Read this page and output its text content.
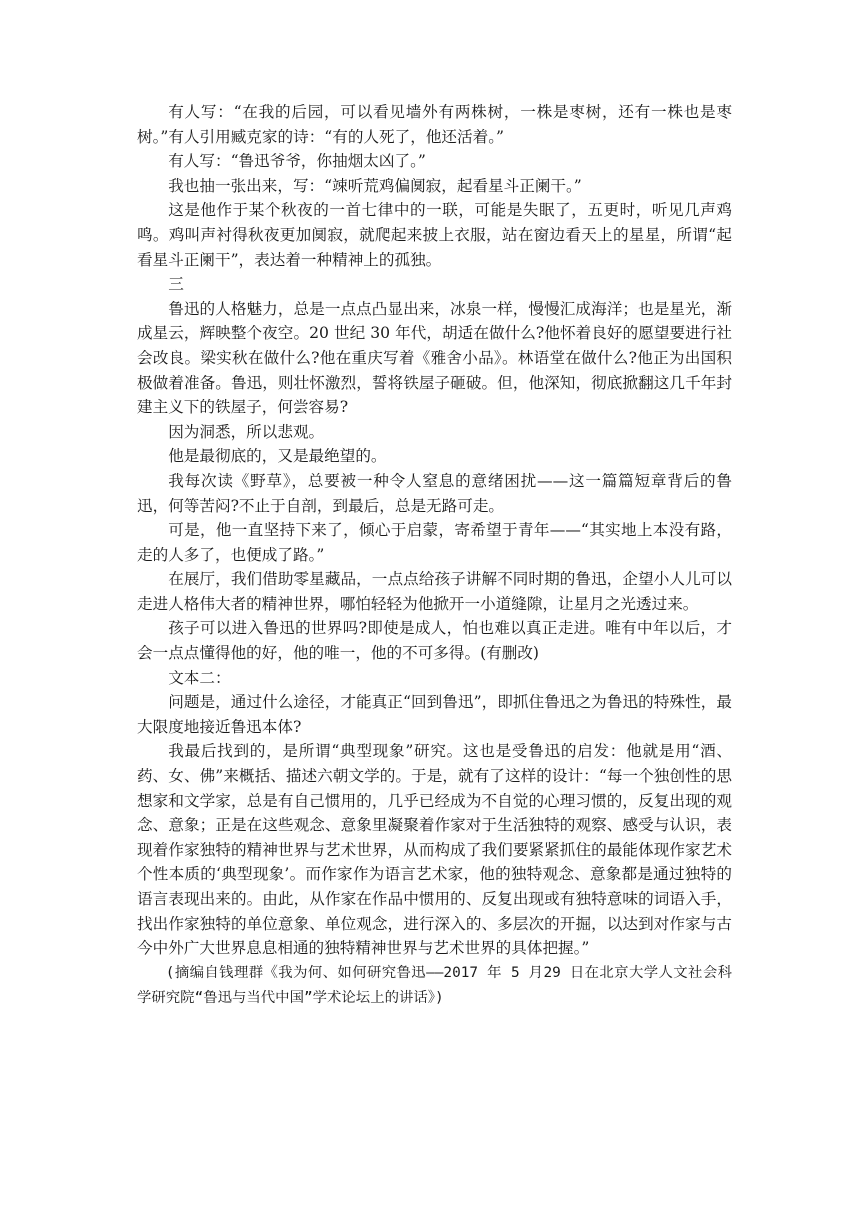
有人写：“在我的后园，可以看见墙外有两株树，一株是枣树，还有一株也是枣树。”有人引用臧克家的诗：“有的人死了，他还活着。”

有人写：“鲁迅爷爷，你抽烟太凶了。”

我也抽一张出来，写：“竦听荒鸡偏阒寂，起看星斗正阑干。”

这是他作于某个秋夜的一首七律中的一联，可能是失眠了，五更时，听见几声鸡鸣。鸡叫声衬得秋夜更加阒寂，就爬起来披上衣服，站在窗边看天上的星星，所谓“起看星斗正阑干”，表达着一种精神上的孤独。

三

鲁迅的人格魅力，总是一点点凸显出来，冰泉一样，慢慢汇成海洋；也是星光，渐成星云，辉映整个夜空。20 世纪 30 年代，胡适在做什么?他怀着良好的愿望要进行社会改良。梁实秋在做什么?他在重庆写着《雅舍小品》。林语堂在做什么?他正为出国积极做着准备。鲁迅，则壮怀激烈，誓将铁屋子砸破。但，他深知，彻底掀翻这几千年封建主义下的铁屋子，何尝容易?

因为洞悉，所以悲观。

他是最彻底的，又是最绝望的。

我每次读《野草》，总要被一种令人窒息的意绪困扰——这一篇篇短章背后的鲁迅，何等苦闷?不止于自剖，到最后，总是无路可走。

可是，他一直坚持下来了，倾心于启蒙，寄希望于青年——“其实地上本没有路，走的人多了，也便成了路。”

在展厅，我们借助零星藏品，一点点给孩子讲解不同时期的鲁迅，企望小人儿可以走进人格伟大者的精神世界，哪怕轻轻为他掀开一小道缝隙，让星月之光透过来。

孩子可以进入鲁迅的世界吗?即使是成人，怕也难以真正走进。唯有中年以后，才会一点点懂得他的好，他的唯一，他的不可多得。(有删改)

文本二：

问题是，通过什么途径，才能真正“回到鲁迅”，即抓住鲁迅之为鲁迅的特殊性，最大限度地接近鲁迅本体?

我最后找到的，是所谓“典型现象”研究。这也是受鲁迅的启发：他就是用“酒、药、女、佛”来概括、描述六朝文学的。于是，就有了这样的设计：“每一个独创性的思想家和文学家，总是有自己惯用的，几乎已经成为不自觉的心理习惯的，反复出现的观念、意象；正是在这些观念、意象里凝聚着作家对于生活独特的观察、感受与认识，表现着作家独特的精神世界与艺术世界，从而构成了我们要紧紧抓住的最能体现作家艺术个性本质的‘典型现象’。而作家作为语言艺术家，他的独特观念、意象都是通过独特的语言表现出来的。由此，从作家在作品中惯用的、反复出现或有独特意味的词语入手，找出作家独特的单位意象、单位观念，进行深入的、多层次的开掘，以达到对作家与古今中外广大世界息息相通的独特精神世界与艺术世界的具体把握。”

(摘编自钱理群《我为何、如何研究鲁迅——2017 年 5 月29 日在北京大学人文社会科学研究院“鲁迅与当代中国”学术论坛上的讲话》)
